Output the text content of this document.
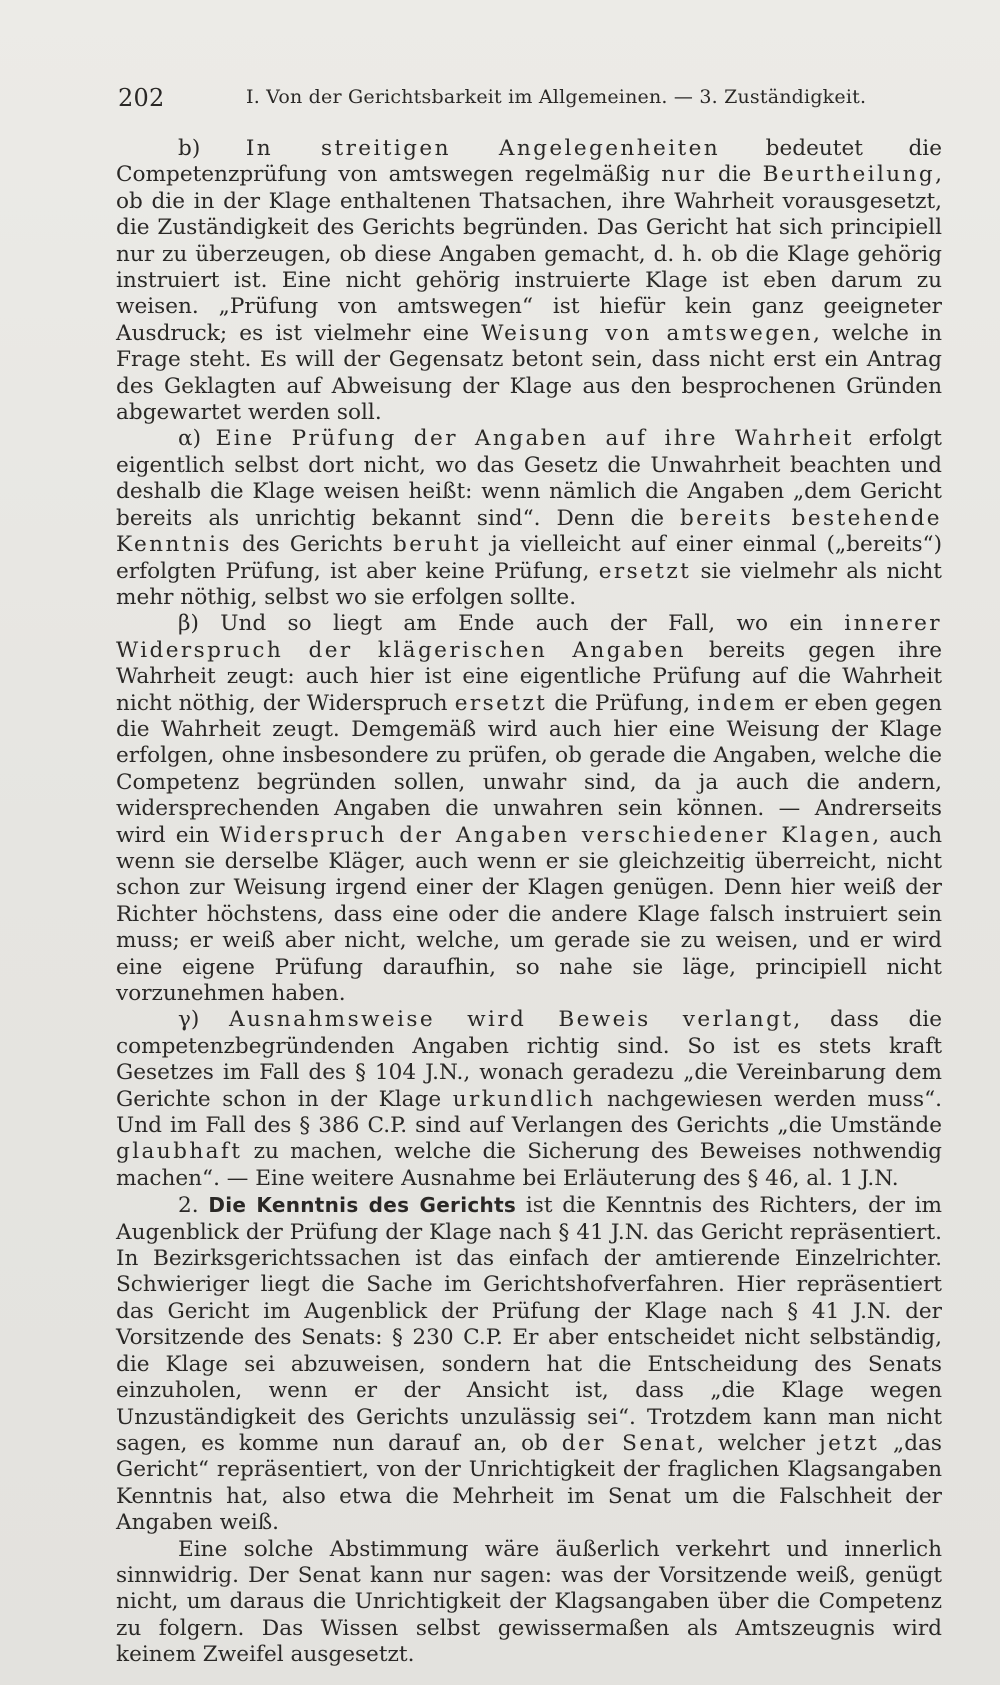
202	I. Von der Gerichtsbarkeit im Allgemeinen. — 3. Zuständigkeit.

b) In streitigen Angelegenheiten bedeutet die Competenzprüfung von amtswegen regelmäßig nur die Beurtheilung, ob die in der Klage enthaltenen Thatsachen, ihre Wahrheit vorausgesetzt, die Zuständigkeit des Gerichts begründen. Das Gericht hat sich principiell nur zu überzeugen, ob diese Angaben gemacht, d. h. ob die Klage gehörig instruiert ist. Eine nicht gehörig instruierte Klage ist eben darum zu weisen. „Prüfung von amtswegen“ ist hiefür kein ganz geeigneter Ausdruck; es ist vielmehr eine Weisung von amtswegen, welche in Frage steht. Es will der Gegensatz betont sein, dass nicht erst ein Antrag des Geklagten auf Abweisung der Klage aus den besprochenen Gründen abgewartet werden soll.

α) Eine Prüfung der Angaben auf ihre Wahrheit erfolgt eigentlich selbst dort nicht, wo das Gesetz die Unwahrheit beachten und deshalb die Klage weisen heißt: wenn nämlich die Angaben „dem Gericht bereits als unrichtig bekannt sind“. Denn die bereits bestehende Kenntnis des Gerichts beruht ja vielleicht auf einer einmal („bereits“) erfolgten Prüfung, ist aber keine Prüfung, ersetzt sie vielmehr als nicht mehr nöthig, selbst wo sie erfolgen sollte.

β) Und so liegt am Ende auch der Fall, wo ein innerer Widerspruch der klägerischen Angaben bereits gegen ihre Wahrheit zeugt: auch hier ist eine eigentliche Prüfung auf die Wahrheit nicht nöthig, der Widerspruch ersetzt die Prüfung, indem er eben gegen die Wahrheit zeugt. Demgemäß wird auch hier eine Weisung der Klage erfolgen, ohne insbesondere zu prüfen, ob gerade die Angaben, welche die Competenz begründen sollen, unwahr sind, da ja auch die andern, widersprechenden Angaben die unwahren sein können. — Andrerseits wird ein Widerspruch der Angaben verschiedener Klagen, auch wenn sie derselbe Kläger, auch wenn er sie gleichzeitig überreicht, nicht schon zur Weisung irgend einer der Klagen genügen. Denn hier weiß der Richter höchstens, dass eine oder die andere Klage falsch instruiert sein muss; er weiß aber nicht, welche, um gerade sie zu weisen, und er wird eine eigene Prüfung daraufhin, so nahe sie läge, principiell nicht vorzunehmen haben.

γ) Ausnahmsweise wird Beweis verlangt, dass die competenzbegründenden Angaben richtig sind. So ist es stets kraft Gesetzes im Fall des § 104 J.N., wonach geradezu „die Vereinbarung dem Gerichte schon in der Klage urkundlich nachgewiesen werden muss“. Und im Fall des § 386 C.P. sind auf Verlangen des Gerichts „die Umstände glaubhaft zu machen, welche die Sicherung des Beweises nothwendig machen“. — Eine weitere Ausnahme bei Erläuterung des § 46, al. 1 J.N.

2. Die Kenntnis des Gerichts ist die Kenntnis des Richters, der im Augenblick der Prüfung der Klage nach § 41 J.N. das Gericht repräsentiert. In Bezirksgerichtssachen ist das einfach der amtierende Einzelrichter. Schwieriger liegt die Sache im Gerichtshofverfahren. Hier repräsentiert das Gericht im Augenblick der Prüfung der Klage nach § 41 J.N. der Vorsitzende des Senats: § 230 C.P. Er aber entscheidet nicht selbständig, die Klage sei abzuweisen, sondern hat die Entscheidung des Senats einzuholen, wenn er der Ansicht ist, dass „die Klage wegen Unzuständigkeit des Gerichts unzulässig sei“. Trotzdem kann man nicht sagen, es komme nun darauf an, ob der Senat, welcher jetzt „das Gericht“ repräsentiert, von der Unrichtigkeit der fraglichen Klagsangaben Kenntnis hat, also etwa die Mehrheit im Senat um die Falschheit der Angaben weiß.

Eine solche Abstimmung wäre äußerlich verkehrt und innerlich sinnwidrig. Der Senat kann nur sagen: was der Vorsitzende weiß, genügt nicht, um daraus die Unrichtigkeit der Klagsangaben über die Competenz zu folgern. Das Wissen selbst gewissermaßen als Amtszeugnis wird keinem Zweifel ausgesetzt.
